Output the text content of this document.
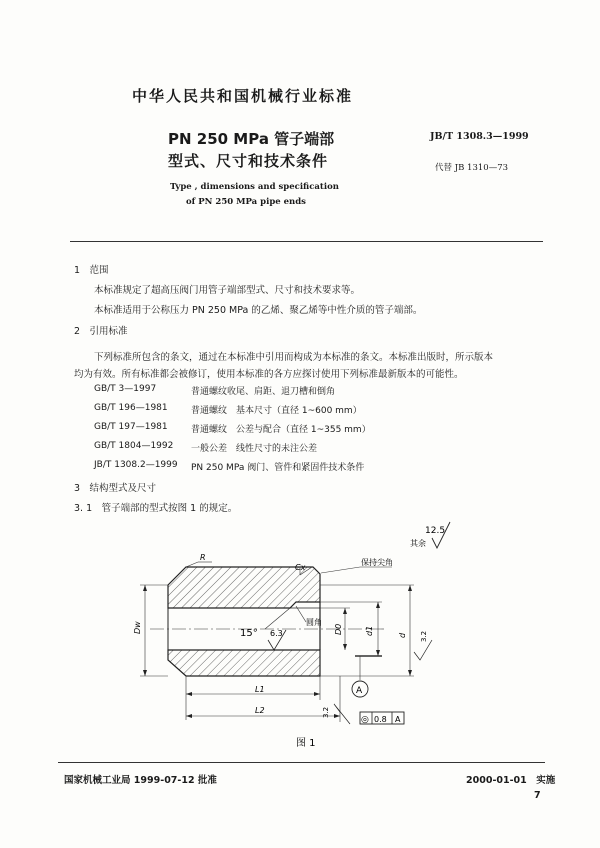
中华人民共和国机械行业标准
PN 250 MPa 管子端部
型式、尺寸和技术条件
JB/T 1308.3—1999
代替 JB 1310—73
Type , dimensions and specification
of PN 250 MPa pipe ends
1　范围
本标准规定了超高压阀门用管子端部型式、尺寸和技术要求等。
本标准适用于公称压力 PN 250 MPa 的乙烯、聚乙烯等中性介质的管子端部。
2　引用标准
下列标准所包含的条文，通过在本标准中引用而构成为本标准的条文。本标准出版时，所示版本
均为有效。所有标准都会被修订，使用本标准的各方应探讨使用下列标准最新版本的可能性。
GB/T 3—1997	普通螺纹收尾、肩距、退刀槽和倒角
GB/T 196—1981	普通螺纹　基本尺寸（直径 1~600 mm）
GB/T 197—1981	普通螺纹　公差与配合（直径 1~355 mm）
GB/T 1804—1992 一般公差　线性尺寸的未注公差
JB/T 1308.2—1999 PN 250 MPa 阀门、管件和紧固件技术条件
3　结构型式及尺寸
3. 1　管子端部的型式按图 1 的规定。
12.5
其余
15° 6.3
R
Cx
保持尖角
圆角
Dw	D0	d1	d 3.2
A
L1
L2	3.2
◎ 0.8 A
图 1
国家机械工业局 1999-07-12 批准	2000-01-01　实施
7
